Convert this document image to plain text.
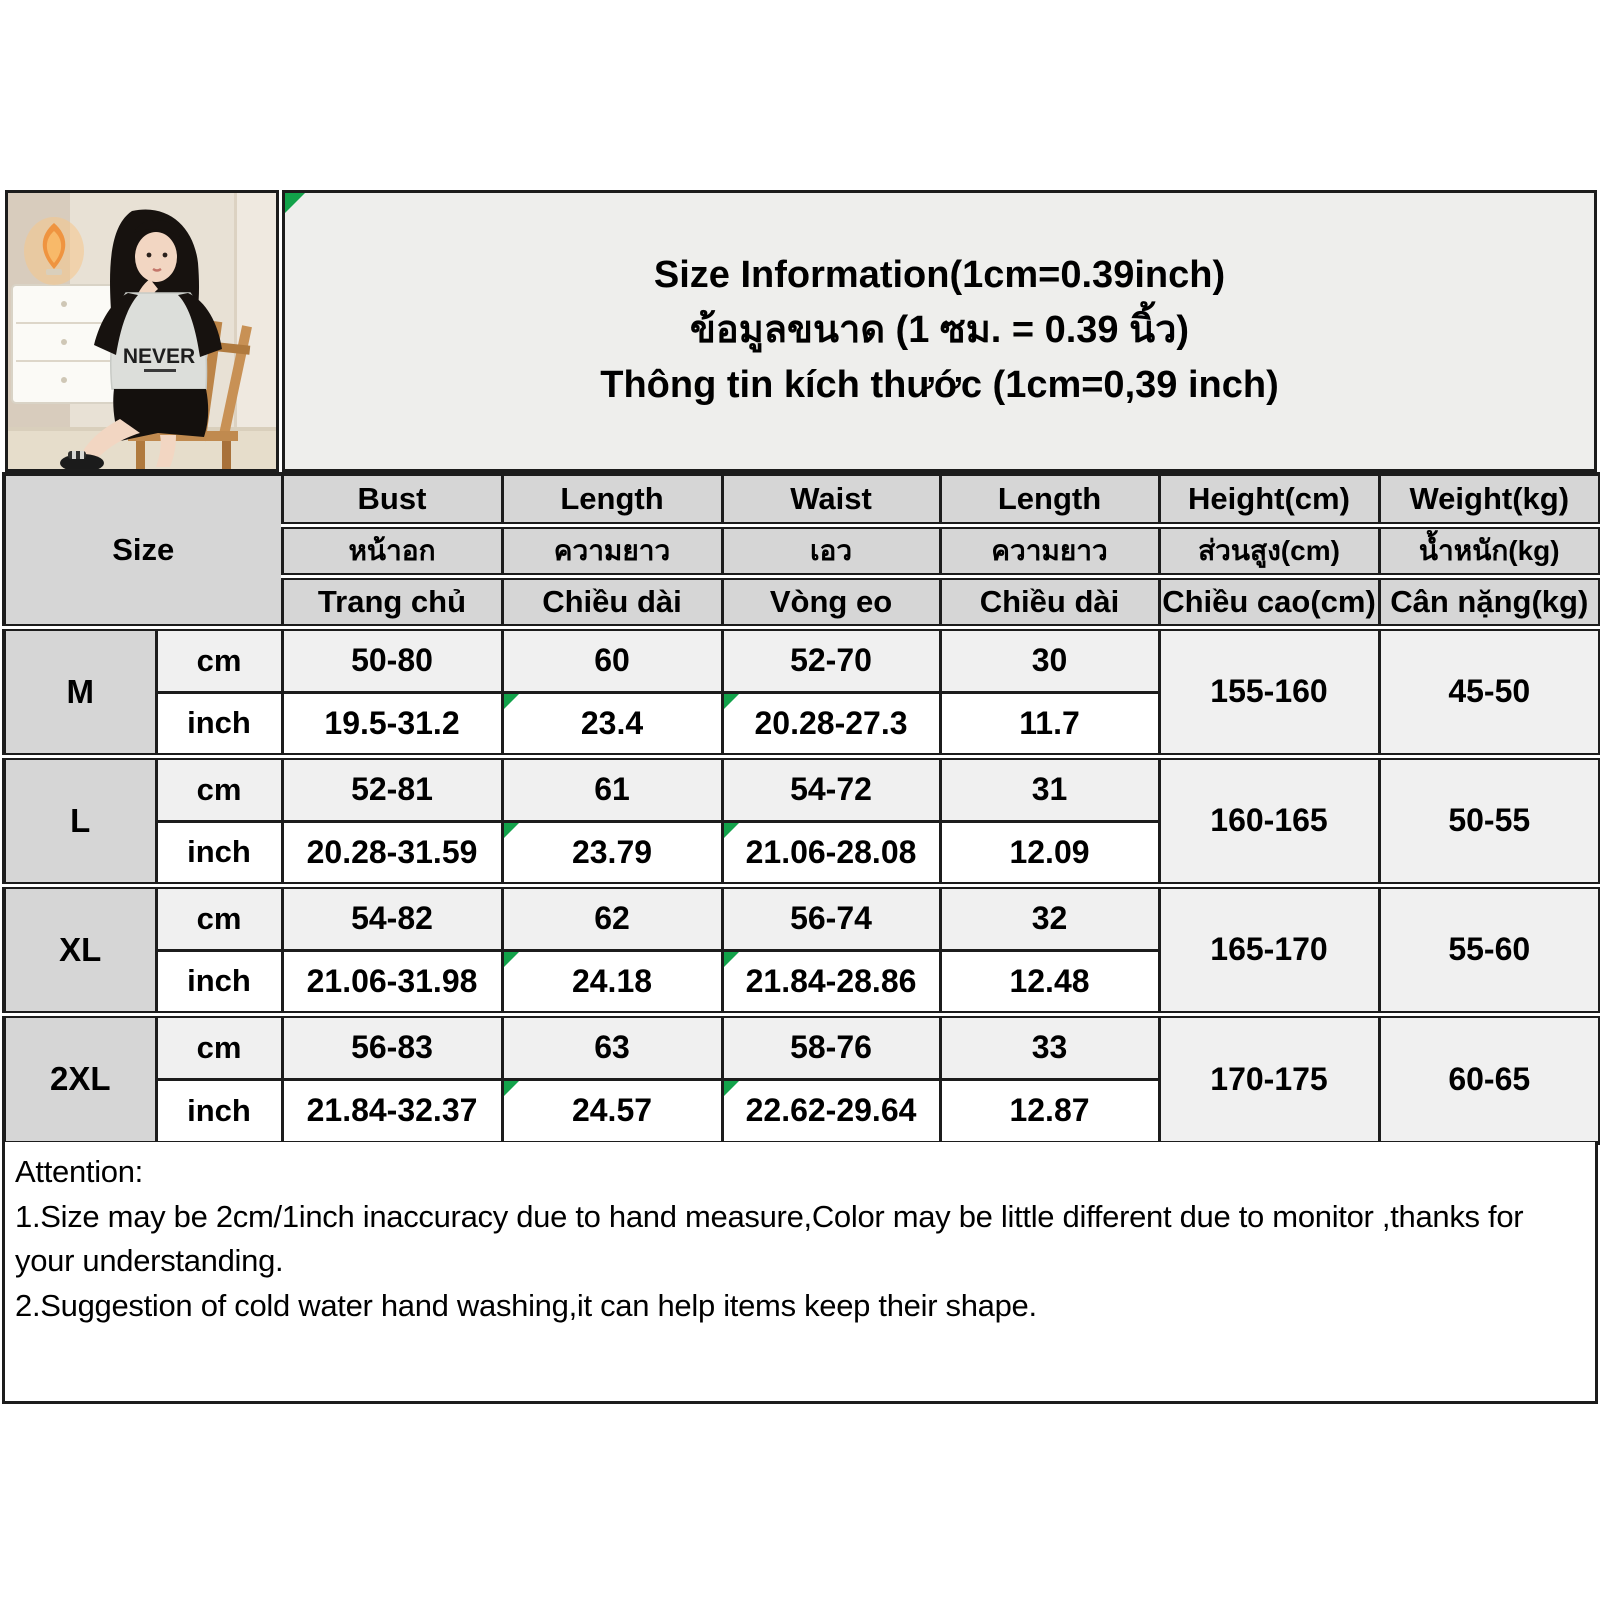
NEVER
Size Information(1cm=0.39inch)
ข้อมูลขนาด (1 ซม. = 0.39 นิ้ว)
Thông tin kích thước (1cm=0,39 inch)
Size		Bust	Length	Waist	Length	Height(cm)	Weight(kg)
		หน้าอก	ความยาว	เอว	ความยาว	ส่วนสูง(cm)	น้ำหนัก(kg)
		Trang chủ	Chiều dài	Vòng eo	Chiều dài	Chiều cao(cm)	Cân nặng(kg)
M	cm	50-80	60	52-70	30	155-160	45-50
	inch	19.5-31.2	23.4	20.28-27.3	11.7		
L	cm	52-81	61	54-72	31	160-165	50-55
	inch	20.28-31.59	23.79	21.06-28.08	12.09		
XL	cm	54-82	62	56-74	32	165-170	55-60
	inch	21.06-31.98	24.18	21.84-28.86	12.48		
2XL	cm	56-83	63	58-76	33	170-175	60-65
	inch	21.84-32.37	24.57	22.62-29.64	12.87		
Attention:
1.Size may be 2cm/1inch inaccuracy due to hand measure,Color may be little different due to monitor ,thanks for your understanding.
2.Suggestion of cold water hand washing,it can help items keep their shape.
